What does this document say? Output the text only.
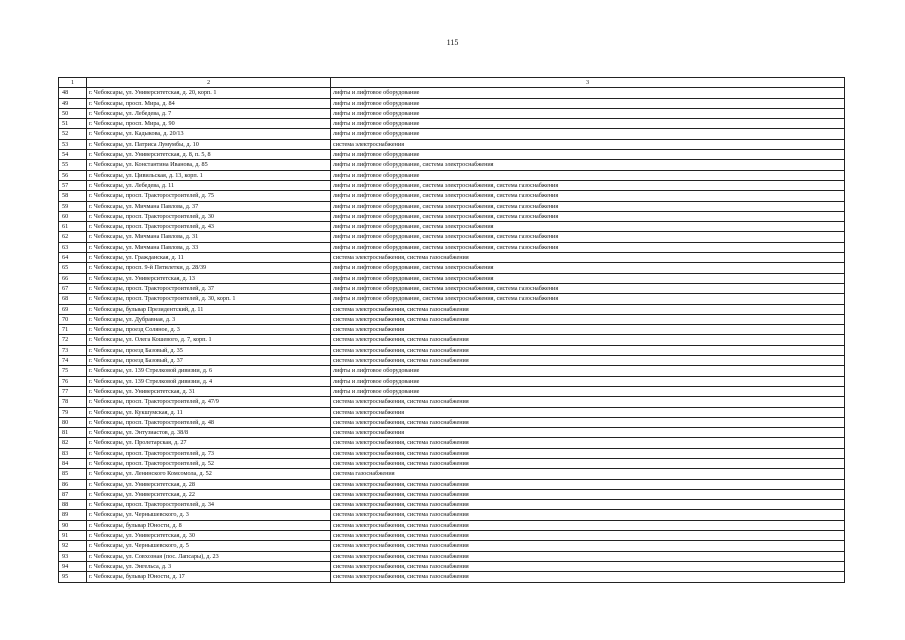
115
1	2	3
48	г. Чебоксары, ул. Университетская, д. 20, корп. 1	лифты и лифтовое оборудование
49	г. Чебоксары, просп. Мира, д. 84	лифты и лифтовое оборудование
50	г. Чебоксары, ул. Лебедева, д. 7	лифты и лифтовое оборудование
51	г. Чебоксары, просп. Мира, д. 90	лифты и лифтовое оборудование
52	г. Чебоксары, ул. Кадыкова, д. 20/13	лифты и лифтовое оборудование
53	г. Чебоксары, ул. Патриса Лумумбы, д. 10	система электроснабжения
54	г. Чебоксары, ул. Университетская, д. 8, п. 5, 8	лифты и лифтовое оборудование
55	г. Чебоксары, ул. Константина Иванова, д. 85	лифты и лифтовое оборудование, система электроснабжения
56	г. Чебоксары, ул. Цивильская, д. 13, корп. 1	лифты и лифтовое оборудование
57	г. Чебоксары, ул. Лебедева, д. 11	лифты и лифтовое оборудование, система электроснабжения, система газоснабжения
58	г. Чебоксары, просп. Тракторостроителей, д. 75	лифты и лифтовое оборудование, система электроснабжения, система газоснабжения
59	г. Чебоксары, ул. Мичмана Павлова, д. 37	лифты и лифтовое оборудование, система электроснабжения, система газоснабжения
60	г. Чебоксары, просп. Тракторостроителей, д. 30	лифты и лифтовое оборудование, система электроснабжения, система газоснабжения
61	г. Чебоксары, просп. Тракторостроителей, д. 43	лифты и лифтовое оборудование, система электроснабжения
62	г. Чебоксары, ул. Мичмана Павлова, д. 31	лифты и лифтовое оборудование, система электроснабжения, система газоснабжения
63	г. Чебоксары, ул. Мичмана Павлова, д. 33	лифты и лифтовое оборудование, система электроснабжения, система газоснабжения
64	г. Чебоксары, ул. Гражданская, д. 11	система электроснабжения, система газоснабжения
65	г. Чебоксары, просп. 9-й Пятилетки, д. 28/39	лифты и лифтовое оборудование, система электроснабжения
66	г. Чебоксары, ул. Университетская, д. 13	лифты и лифтовое оборудование, система электроснабжения
67	г. Чебоксары, просп. Тракторостроителей, д. 37	лифты и лифтовое оборудование, система электроснабжения, система газоснабжения
68	г. Чебоксары, просп. Тракторостроителей, д. 30, корп. 1	лифты и лифтовое оборудование, система электроснабжения, система газоснабжения
69	г. Чебоксары, бульвар Президентский, д. 11	система электроснабжения, система газоснабжения
70	г. Чебоксары, ул. Дубравная, д. 3	система электроснабжения, система газоснабжения
71	г. Чебоксары, проезд Соляное, д. 3	система электроснабжения
72	г. Чебоксары, ул. Олега Кошевого, д. 7, корп. 1	система электроснабжения, система газоснабжения
73	г. Чебоксары, проезд Базовый, д. 35	система электроснабжения, система газоснабжения
74	г. Чебоксары, проезд Базовый, д. 37	система электроснабжения, система газоснабжения
75	г. Чебоксары, ул. 139 Стрелковой дивизии, д. 6	лифты и лифтовое оборудование
76	г. Чебоксары, ул. 139 Стрелковой дивизии, д. 4	лифты и лифтовое оборудование
77	г. Чебоксары, ул. Университетская, д. 31	лифты и лифтовое оборудование
78	г. Чебоксары, просп. Тракторостроителей, д. 47/9	система электроснабжения, система газоснабжения
79	г. Чебоксары, ул. Кукшумская, д. 11	система электроснабжения
80	г. Чебоксары, просп. Тракторостроителей, д. 48	система электроснабжения, система газоснабжения
81	г. Чебоксары, ул. Энтузиастов, д. 38/8	система электроснабжения
82	г. Чебоксары, ул. Пролетарская, д. 27	система электроснабжения, система газоснабжения
83	г. Чебоксары, просп. Тракторостроителей, д. 73	система электроснабжения, система газоснабжения
84	г. Чебоксары, просп. Тракторостроителей, д. 52	система электроснабжения, система газоснабжения
85	г. Чебоксары, ул. Ленинского Комсомола, д. 52	система газоснабжения
86	г. Чебоксары, ул. Университетская, д. 28	система электроснабжения, система газоснабжения
87	г. Чебоксары, ул. Университетская, д. 22	система электроснабжения, система газоснабжения
88	г. Чебоксары, просп. Тракторостроителей, д. 34	система электроснабжения, система газоснабжения
89	г. Чебоксары, ул. Чернышевского, д. 3	система электроснабжения, система газоснабжения
90	г. Чебоксары, бульвар Юности, д. 8	система электроснабжения, система газоснабжения
91	г. Чебоксары, ул. Университетская, д. 30	система электроснабжения, система газоснабжения
92	г. Чебоксары, ул. Чернышевского, д. 5	система электроснабжения, система газоснабжения
93	г. Чебоксары, ул. Совхозная (пос. Лапсары), д. 23	система электроснабжения, система газоснабжения
94	г. Чебоксары, ул. Энгельса, д. 3	система электроснабжения, система газоснабжения
95	г. Чебоксары, бульвар Юности, д. 17	система электроснабжения, система газоснабжения
